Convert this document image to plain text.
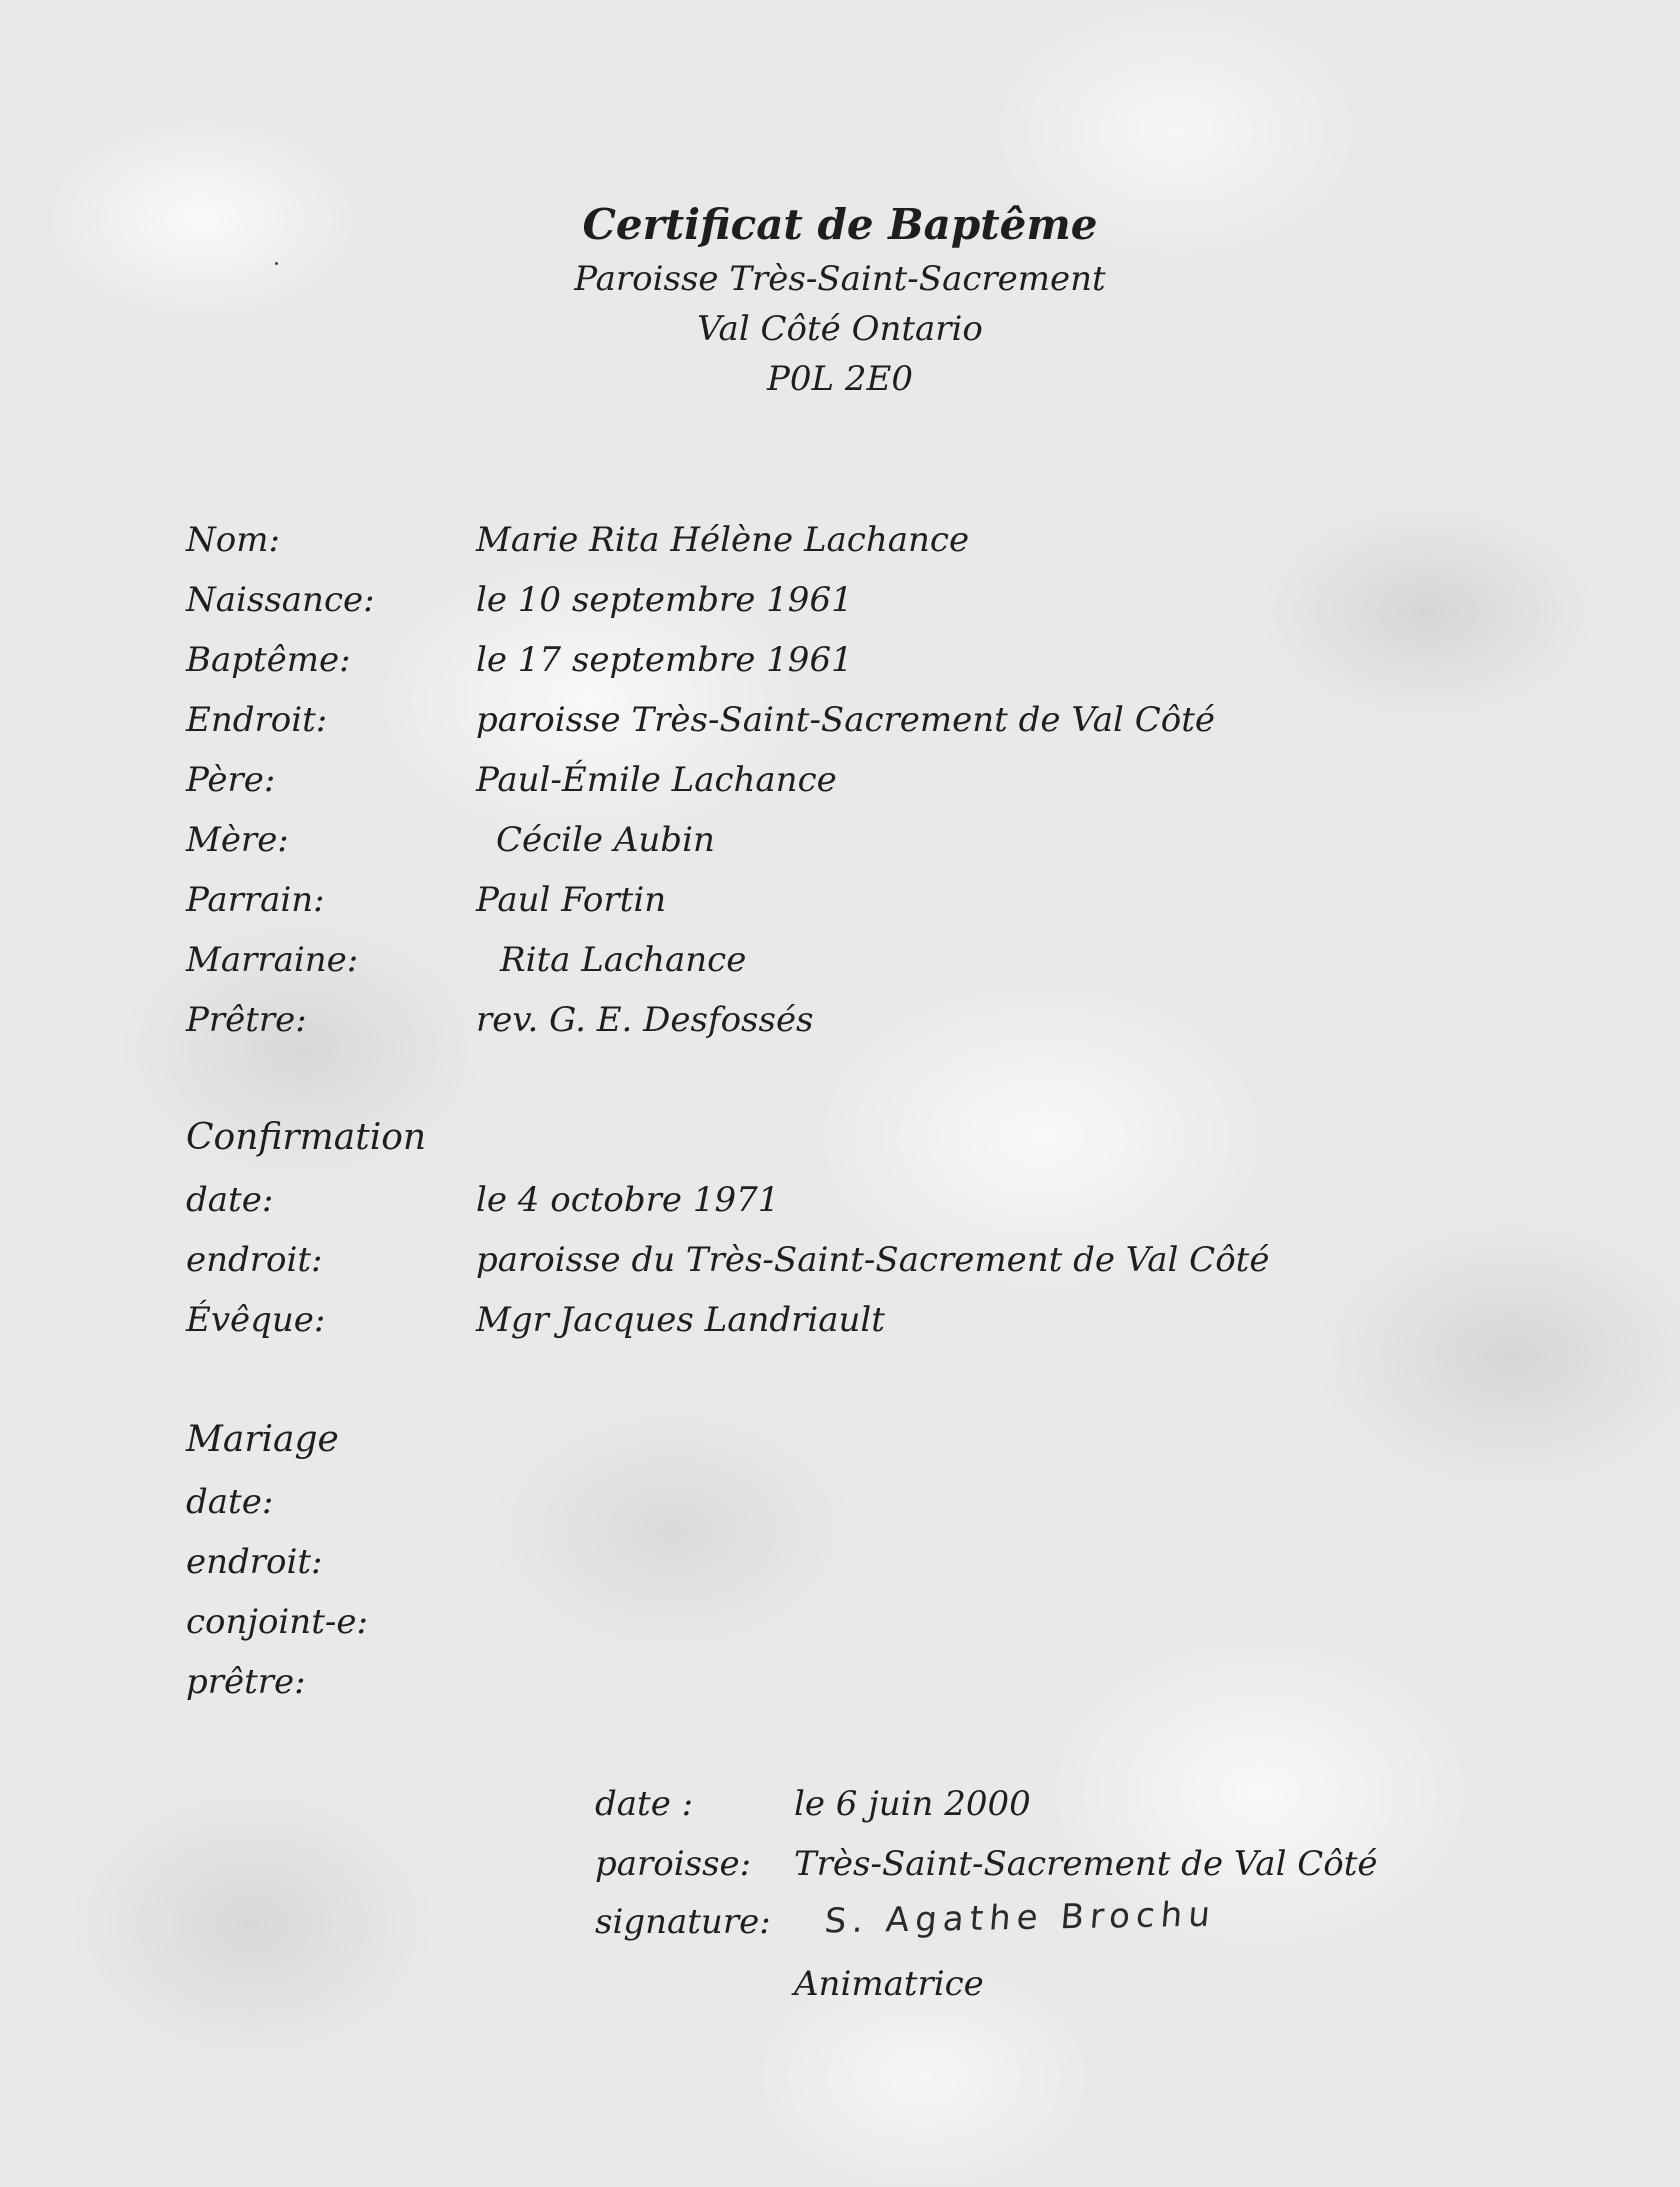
Certificat de Baptême
Paroisse Très-Saint-Sacrement
Val Côté Ontario
P0L 2E0
Nom:	Marie Rita Hélène Lachance
Naissance:	le 10 septembre 1961
Baptême:	le 17 septembre 1961
Endroit:	paroisse Très-Saint-Sacrement de Val Côté
Père:	Paul-Émile Lachance
Mère:	Cécile Aubin
Parrain:	Paul Fortin
Marraine:	Rita Lachance
Prêtre:	rev. G. E. Desfossés
Confirmation
date:	le 4 octobre 1971
endroit:	paroisse du Très-Saint-Sacrement de Val Côté
Évêque:	Mgr Jacques Landriault
Mariage
date:
endroit:
conjoint-e:
prêtre:
date :	le 6 juin 2000
paroisse: Très-Saint-Sacrement de Val Côté
signature: S. Agathe Brochu
Animatrice
